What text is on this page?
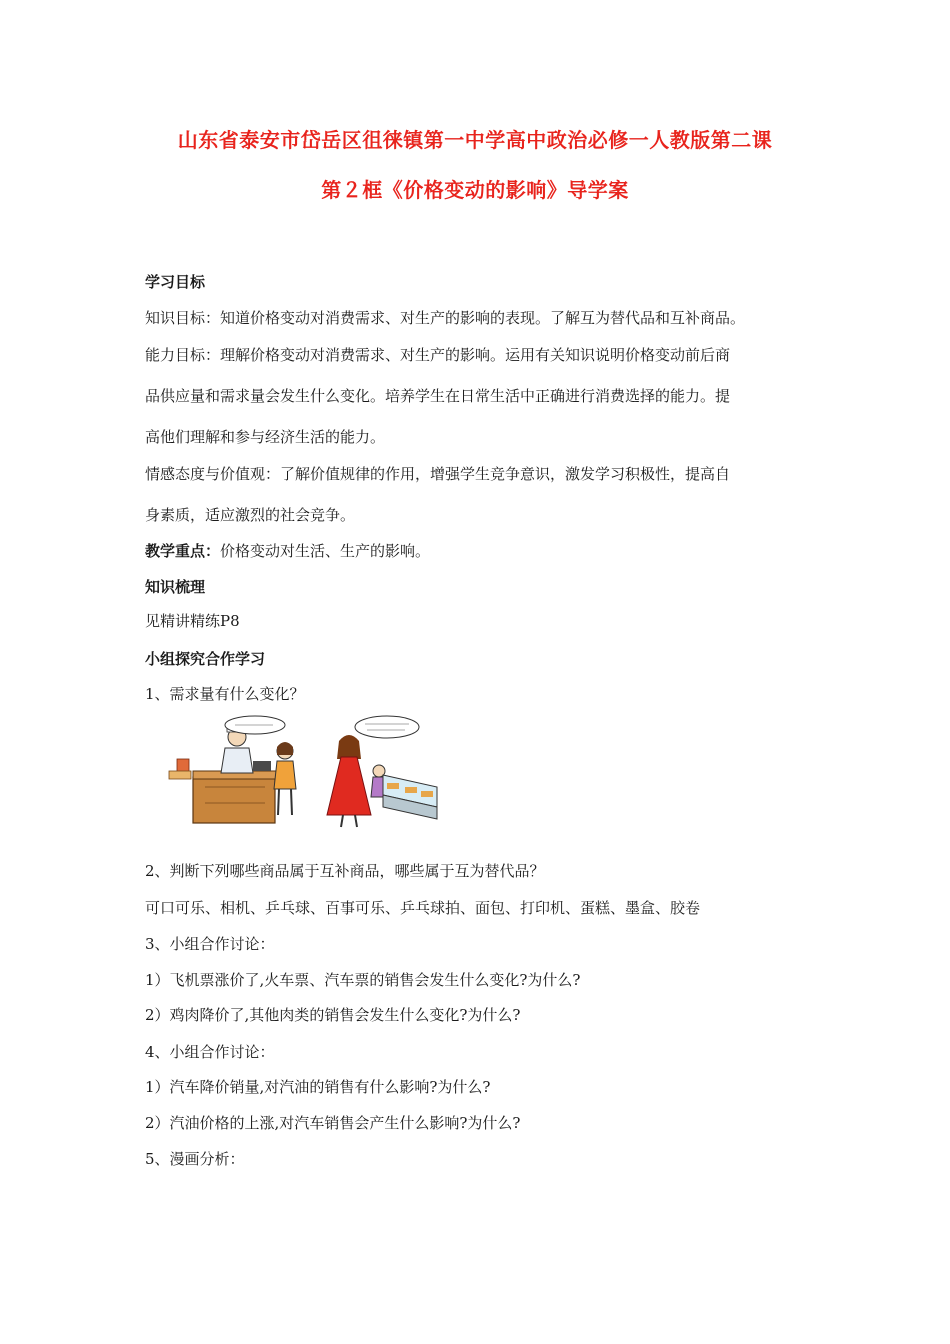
山东省泰安市岱岳区徂徕镇第一中学高中政治必修一人教版第二课
第２框《价格变动的影响》导学案
学习目标
知识目标：知道价格变动对消费需求、对生产的影响的表现。了解互为替代品和互补商品。
能力目标：理解价格变动对消费需求、对生产的影响。运用有关知识说明价格变动前后商
品供应量和需求量会发生什么变化。培养学生在日常生活中正确进行消费选择的能力。提
高他们理解和参与经济生活的能力。
情感态度与价值观：了解价值规律的作用，增强学生竞争意识，激发学习积极性，提高自
身素质，适应激烈的社会竞争。
教学重点：价格变动对生活、生产的影响。
知识梳理
见精讲精练P8
小组探究合作学习
1、需求量有什么变化？
2、判断下列哪些商品属于互补商品，哪些属于互为替代品？
可口可乐、相机、乒乓球、百事可乐、乒乓球拍、面包、打印机、蛋糕、墨盒、胶卷
3、小组合作讨论：
1）飞机票涨价了,火车票、汽车票的销售会发生什么变化?为什么?
2）鸡肉降价了,其他肉类的销售会发生什么变化?为什么?
4、小组合作讨论：
1）汽车降价销量,对汽油的销售有什么影响?为什么?
2）汽油价格的上涨,对汽车销售会产生什么影响?为什么?
5、漫画分析：
